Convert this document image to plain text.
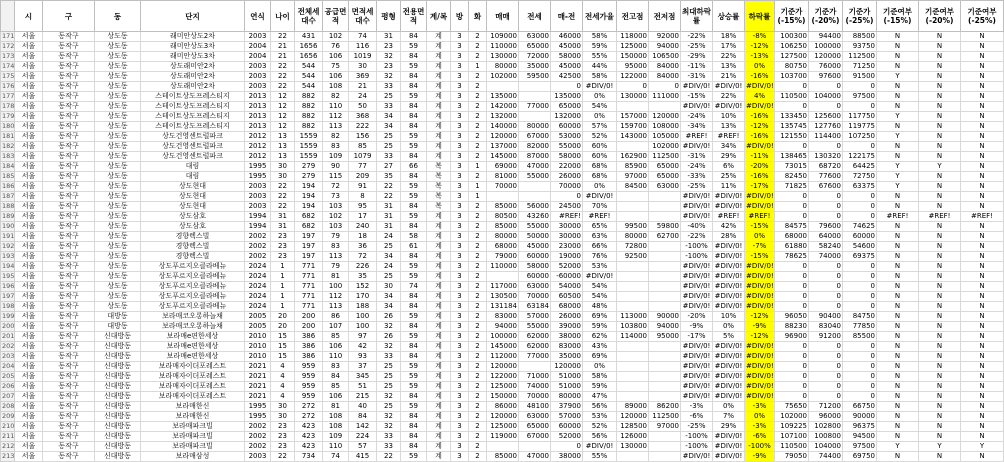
	시	구	동	단지	연식	나이	전체세대수	공급면적	면적세대수	평형	전용면적	계/복	방	화	매매	전세	매-전	전세가율	전고점	전저점	최대하락률	상승률	하락률	기준가(-15%)	기준가(-20%)	기준가(-25%)	기준여부(-15%)	기준여부(-20%)	기준여부(-25%)
171	서울	동작구	상도동	래미안상도2차	2003	22	431	102	74	31	84	계	3	2	109000	63000	46000	58%	118000	92000	-22%	18%	-8%	100300	94400	88500	N	N	N
172	서울	동작구	상도동	래미안상도3차	2004	21	1656	76	116	23	59	계	3	2	110000	65000	45000	59%	125000	94000	-25%	17%	-12%	106250	100000	93750	N	N	N
173	서울	동작구	상도동	래미안상도3차	2004	21	1656	106	1019	32	84	계	3	2	130000	72000	58000	55%	150000	106500	-29%	22%	-13%	127500	120000	112500	N	N	N
174	서울	동작구	상도동	상도래미안2차	2003	22	544	75	30	23	59	계	3	1	80000	35000	45000	44%	95000	84000	-11%	13%	0%	80750	76000	71250	N	N	N
175	서울	동작구	상도동	상도래미안2차	2003	22	544	106	369	32	84	계	3	2	102000	59500	42500	58%	122000	84000	-31%	21%	-16%	103700	97600	91500	Y	N	N
176	서울	동작구	상도동	상도래미안2차	2003	22	544	108	21	33	84	계	3	2			0	#DIV/0!	0	0	#DIV/0!	#DIV/0!	#DIV/0!	0	0	0	N	N	N
177	서울	동작구	상도동	스테이트상도프레스티지	2013	12	882	82	24	25	59	계	3	2	135000		135000	0%	130000	111000	-15%	22%	4%	110500	104000	97500	N	N	N
178	서울	동작구	상도동	스테이트상도프레스티지	2013	12	882	110	50	33	84	계	3	2	142000	77000	65000	54%			#DIV/0!	#DIV/0!	#DIV/0!	0	0	0	N	N	N
179	서울	동작구	상도동	스테이트상도프레스티지	2013	12	882	112	368	34	84	계	3	2	132000		132000	0%	157000	120000	-24%	10%	-16%	133450	125600	117750	Y	N	N
180	서울	동작구	상도동	스테이트상도프레스티지	2013	12	882	113	222	34	84	계	3	2	140000	80000	60000	57%	159700	108000	-34%	13%	-12%	135745	127760	119775	N	N	N
181	서울	동작구	상도동	상도건영센트럴파크	2012	13	1559	82	156	25	59	계	3	2	120000	67000	53000	52%	143000	105000	#REF!	#REF!	-16%	121550	114400	107250	Y	N	N
182	서울	동작구	상도동	상도건영센트럴파크	2012	13	1559	83	85	25	59	계	3	2	137000	82000	55000	60%		102000	#DIV/0!	34%	#DIV/0!	0	0	0	N	N	N
183	서울	동작구	상도동	상도건영센트럴파크	2012	13	1559	109	1079	33	84	계	3	2	145000	87000	58000	60%	162900	112500	-31%	29%	-11%	138465	130320	122175	N	N	N
184	서울	동작구	상도동	대림	1995	30	279	90	77	27	66	복	3	1	69000	47000	22000	68%	85900	65000	-24%	6%	-20%	73015	68720	64425	Y	Y	N
185	서울	동작구	상도동	대림	1995	30	279	115	209	35	84	복	3	2	81000	55000	26000	68%	97000	65000	-33%	25%	-16%	82450	77600	72750	Y	N	N
186	서울	동작구	상도동	상도현대	2003	22	194	72	91	22	59	복	3	1	70000		70000	0%	84500	63000	-25%	11%	-17%	71825	67600	63375	Y	N	N
187	서울	동작구	상도동	상도현대	2003	22	194	73	8	22	59	복	3	1			0	#DIV/0!			#DIV/0!	#DIV/0!	#DIV/0!	0	0	0	N	N	N
188	서울	동작구	상도동	상도현대	2003	22	194	103	95	31	84	복	3	2	85000	56000	24500	70%			#DIV/0!	#DIV/0!	#DIV/0!	0	0	0	N	N	N
189	서울	동작구	상도동	상도삼호	1994	31	682	102	17	31	59	계	3	2	80500	43260	#REF!	#REF!			#DIV/0!	#REF!	#REF!	0	0	0	#REF!	#REF!	#REF!
190	서울	동작구	상도동	상도삼호	1994	31	682	103	240	31	84	계	3	2	85000	55000	30000	65%	99500	59800	-40%	42%	-15%	84575	79600	74625	N	N	N
191	서울	동작구	상도동	경향렉스빌	2002	23	197	79	18	24	58	계	3	2	80000	50000	30000	63%	80000	62700	-22%	28%	0%	68000	64000	60000	N	N	N
192	서울	동작구	상도동	경향렉스빌	2002	23	197	83	36	25	61	계	3	2	68000	45000	23000	66%	72800		-100%	#DIV/0!	-7%	61880	58240	54600	N	N	N
193	서울	동작구	상도동	경향렉스빌	2002	23	197	113	72	34	84	계	3	2	79000	60000	19000	76%	92500		-100%	#DIV/0!	-15%	78625	74000	69375	N	N	N
194	서울	동작구	상도동	상도푸르지오클라베뉴	2024	1	771	79	226	24	59	계	3	2	110000	58000	52000	53%			#DIV/0!	#DIV/0!	#DIV/0!	0	0	0	N	N	N
195	서울	동작구	상도동	상도푸르지오클라베뉴	2024	1	771	81	35	25	59	계	3	2		60000	-60000	#DIV/0!			#DIV/0!	#DIV/0!	#DIV/0!	0	0	0	N	N	N
196	서울	동작구	상도동	상도푸르지오클라베뉴	2024	1	771	100	152	30	74	계	3	2	117000	63000	54000	54%			#DIV/0!	#DIV/0!	#DIV/0!	0	0	0	N	N	N
197	서울	동작구	상도동	상도푸르지오클라베뉴	2024	1	771	112	170	34	84	계	3	2	130500	70000	60500	54%			#DIV/0!	#DIV/0!	#DIV/0!	0	0	0	N	N	N
198	서울	동작구	상도동	상도푸르지오클라베뉴	2024	1	771	113	188	34	84	계	3	2	131184	63184	68000	48%			#DIV/0!	#DIV/0!	#DIV/0!	0	0	0	N	N	N
199	서울	동작구	대방동	보라매코오롱하늘채	2005	20	200	86	100	26	59	계	3	2	83000	57000	26000	69%	113000	90000	-20%	10%	-12%	96050	90400	84750	N	N	N
200	서울	동작구	대방동	보라매코오롱하늘채	2005	20	200	107	100	32	84	계	3	2	94000	55000	39000	59%	103800	94000	-9%	0%	-9%	88230	83040	77850	N	N	N
201	서울	동작구	신대방동	보라매e편한세상	2010	15	386	85	97	26	59	계	3	2	100000	62000	38000	62%	114000	95000	-17%	5%	-12%	96900	91200	85500	N	N	N
202	서울	동작구	신대방동	보라매e편한세상	2010	15	386	106	42	32	84	계	3	2	145000	62000	83000	43%			#DIV/0!	#DIV/0!	#DIV/0!	0	0	0	N	N	N
203	서울	동작구	신대방동	보라매e편한세상	2010	15	386	110	93	33	84	계	3	2	112000	77000	35000	69%			#DIV/0!	#DIV/0!	#DIV/0!	0	0	0	N	N	N
204	서울	동작구	신대방동	보라매자이더포레스트	2021	4	959	83	37	25	59	계	3	2	120000		120000	0%			#DIV/0!	#DIV/0!	#DIV/0!	0	0	0	N	N	N
205	서울	동작구	신대방동	보라매자이더포레스트	2021	4	959	84	345	25	59	계	3	2	122000	71000	51000	58%			#DIV/0!	#DIV/0!	#DIV/0!	0	0	0	N	N	N
206	서울	동작구	신대방동	보라매자이더포레스트	2021	4	959	85	51	25	59	계	3	2	125000	74000	51000	59%			#DIV/0!	#DIV/0!	#DIV/0!	0	0	0	N	N	N
207	서울	동작구	신대방동	보라매자이더포레스트	2021	4	959	106	215	32	84	계	3	2	150000	70000	80000	47%			#DIV/0!	#DIV/0!	#DIV/0!	0	0	0	N	N	N
208	서울	동작구	신대방동	보라매한신	1995	30	272	81	40	25	59	계	3	2	86000	48100	37900	56%	89000	86200	-3%	0%	-3%	75650	71200	66750	N	N	N
209	서울	동작구	신대방동	보라매한신	1995	30	272	108	84	32	84	계	3	2	120000	63000	57000	53%	120000	112500	-6%	7%	0%	102000	96000	90000	N	N	N
210	서울	동작구	신대방동	보라매파크빌	2002	23	423	108	142	32	84	계	3	2	125000	65000	60000	52%	128500	97000	-25%	29%	-3%	109225	102800	96375	N	N	N
211	서울	동작구	신대방동	보라매파크빌	2002	23	423	109	224	33	84	계	3	2	119000	67000	52000	56%	126000		-100%	#DIV/0!	-6%	107100	100800	94500	N	N	N
212	서울	동작구	신대방동	보라매파크빌	2002	23	423	110	57	33	84	계	3	2			0	#DIV/0!	130000		-100%	#DIV/0!	-100%	110500	104000	97500	Y	Y	Y
213	서울	동작구	신대방동	보라매삼성	2003	22	734	74	415	22	59	계	3	2	85000	47000	38000	55%			#DIV/0!	#DIV/0!	-9%	79050	74400	69750	N	N	N
